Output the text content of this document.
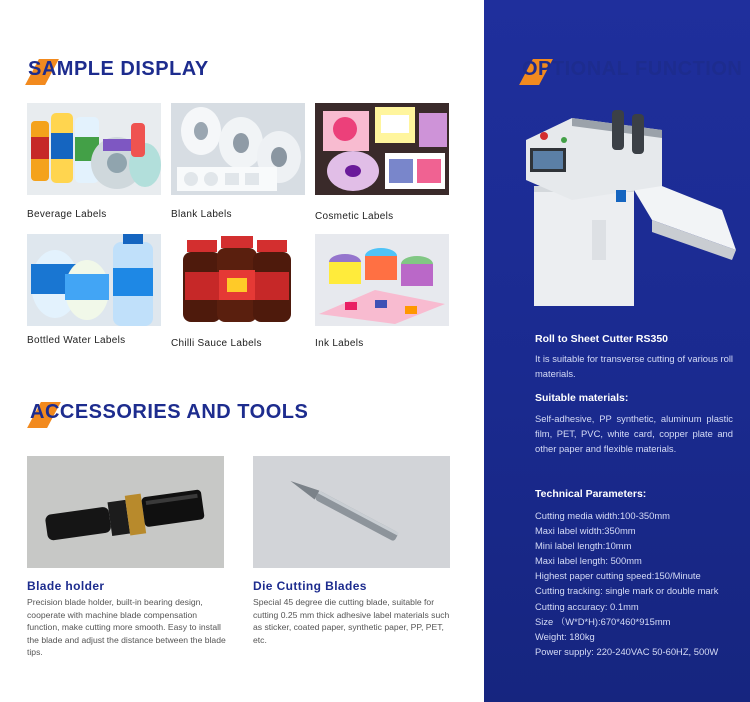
SAMPLE DISPLAY
Beverage Labels	Blank Labels	Cosmetic Labels
Bottled Water Labels	Chilli Sauce Labels	Ink Labels
ACCESSORIES AND TOOLS
Blade holder
Precision blade holder, built-in bearing design, cooperate with machine blade compensation function, make cutting more smooth. Easy to install the blade and adjust the distance between the blade tips.
Die Cutting Blades
Special 45 degree die cutting blade, suitable for cutting 0.25 mm thick adhesive label materials such as sticker, coated paper, synthetic paper, PP, PET, etc.
OPTIONAL FUNCTION
Roll to Sheet Cutter RS350
It is suitable for transverse cutting of various roll materials.
Suitable materials:
Self-adhesive, PP synthetic, aluminum plastic film, PET, PVC, white card, copper plate and other paper and flexible materials.
Technical Parameters:
Cutting media width:100-350mm
Maxi label width:350mm
Mini label length:10mm
Maxi label length: 500mm
Highest paper cutting speed:150/Minute
Cutting tracking: single mark or double mark
Cutting accuracy: 0.1mm
Size （W*D*H):670*460*915mm
Weight: 180kg
Power supply: 220-240VAC 50-60HZ, 500W
